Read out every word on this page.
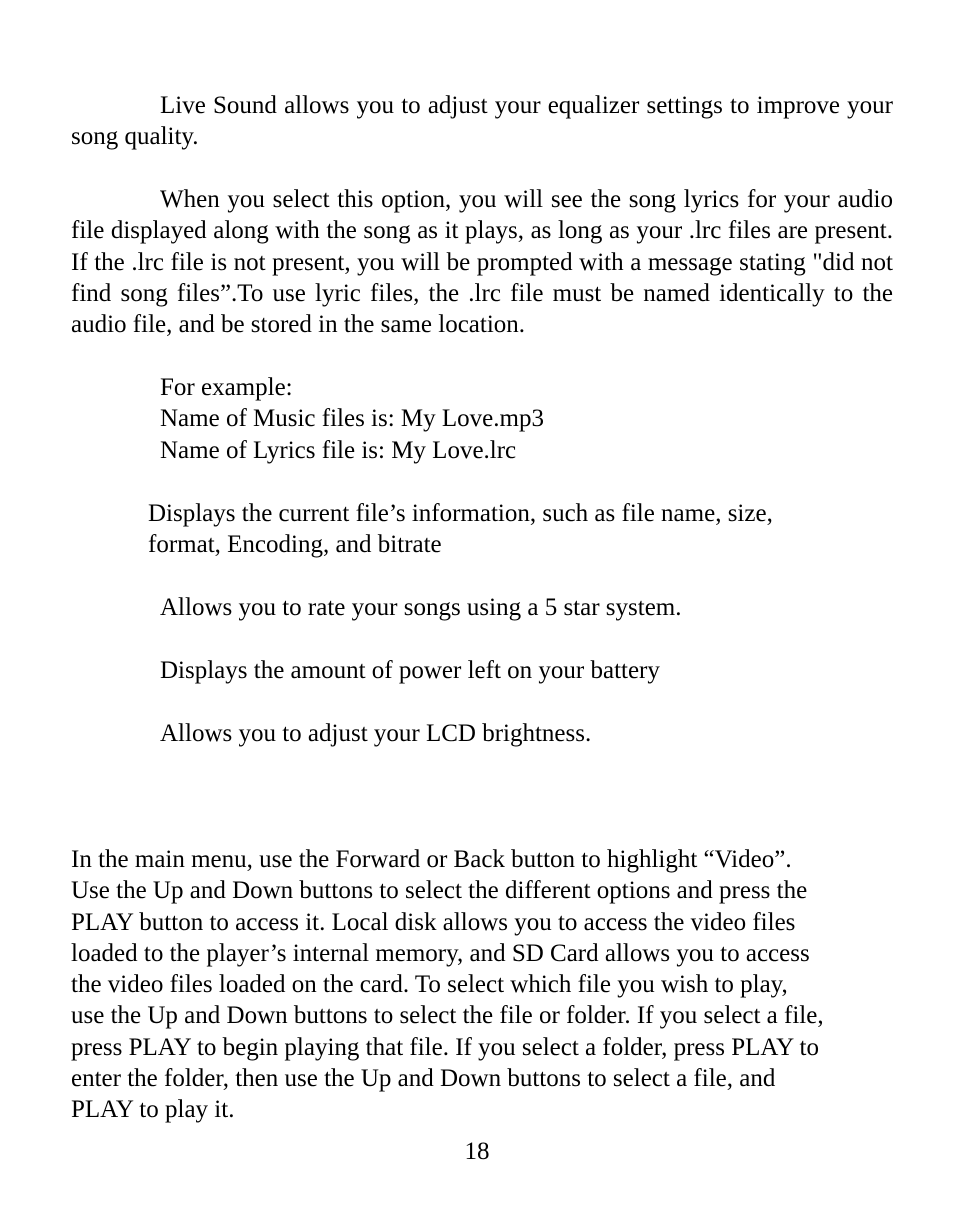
Live Sound allows you to adjust your equalizer settings to improve your song quality.

When you select this option, you will see the song lyrics for your audio file displayed along with the song as it plays, as long as your .lrc files are present. If the .lrc file is not present, you will be prompted with a message stating "did not find song files”.To use lyric files, the .lrc file must be named identically to the audio file, and be stored in the same location.

For example:
Name of Music files is: My Love.mp3
Name of Lyrics file is: My Love.lrc
Displays the current file’s information, such as file name, size,
format, Encoding, and bitrate

Allows you to rate your songs using a 5 star system.

Displays the amount of power left on your battery

Allows you to adjust your LCD brightness.

In the main menu, use the Forward or Back button to highlight “Video”.
Use the Up and Down buttons to select the different options and press the
PLAY button to access it. Local disk allows you to access the video files
loaded to the player’s internal memory, and SD Card allows you to access
the video files loaded on the card. To select which file you wish to play,
use the Up and Down buttons to select the file or folder. If you select a file,
press PLAY to begin playing that file. If you select a folder, press PLAY to
enter the folder, then use the Up and Down buttons to select a file, and
PLAY to play it.

18
